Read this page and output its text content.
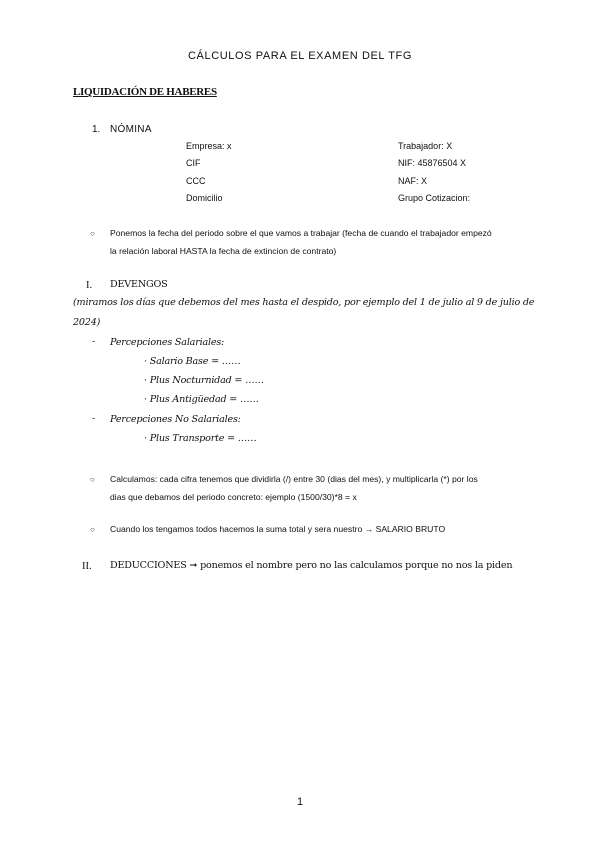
CÁLCULOS PARA EL EXAMEN DEL TFG
LIQUIDACIÓN DE HABERES
1. NÓMINA
Empresa: x
CIF
CCC
Domicilio
Trabajador: X
NIF: 45876504 X
NAF: X
Grupo Cotizacion:
○ Ponemos la fecha del periodo sobre el que vamos a trabajar (fecha de cuando el trabajador empezó
la relación laboral HASTA la fecha de extincion de contrato)
I. DEVENGOS
(miramos los días que debemos del mes hasta el despido, por ejemplo del 1 de julio al 9 de julio de
2024)
- Percepciones Salariales:
· Salario Base = ……
· Plus Nocturnidad = ……
· Plus Antigüedad = ……
- Percepciones No Salariales:
· Plus Transporte = ……
○ Calculamos: cada cifra tenemos que dividirla (/) entre 30 (dias del mes), y multiplicarla (*) por los
dias que debamos del periodo concreto: ejemplo (1500/30)*8 = x
○ Cuando los tengamos todos hacemos la suma total y sera nuestro → SALARIO BRUTO
II. DEDUCCIONES ➞ ponemos el nombre pero no las calculamos porque no nos la piden
1
